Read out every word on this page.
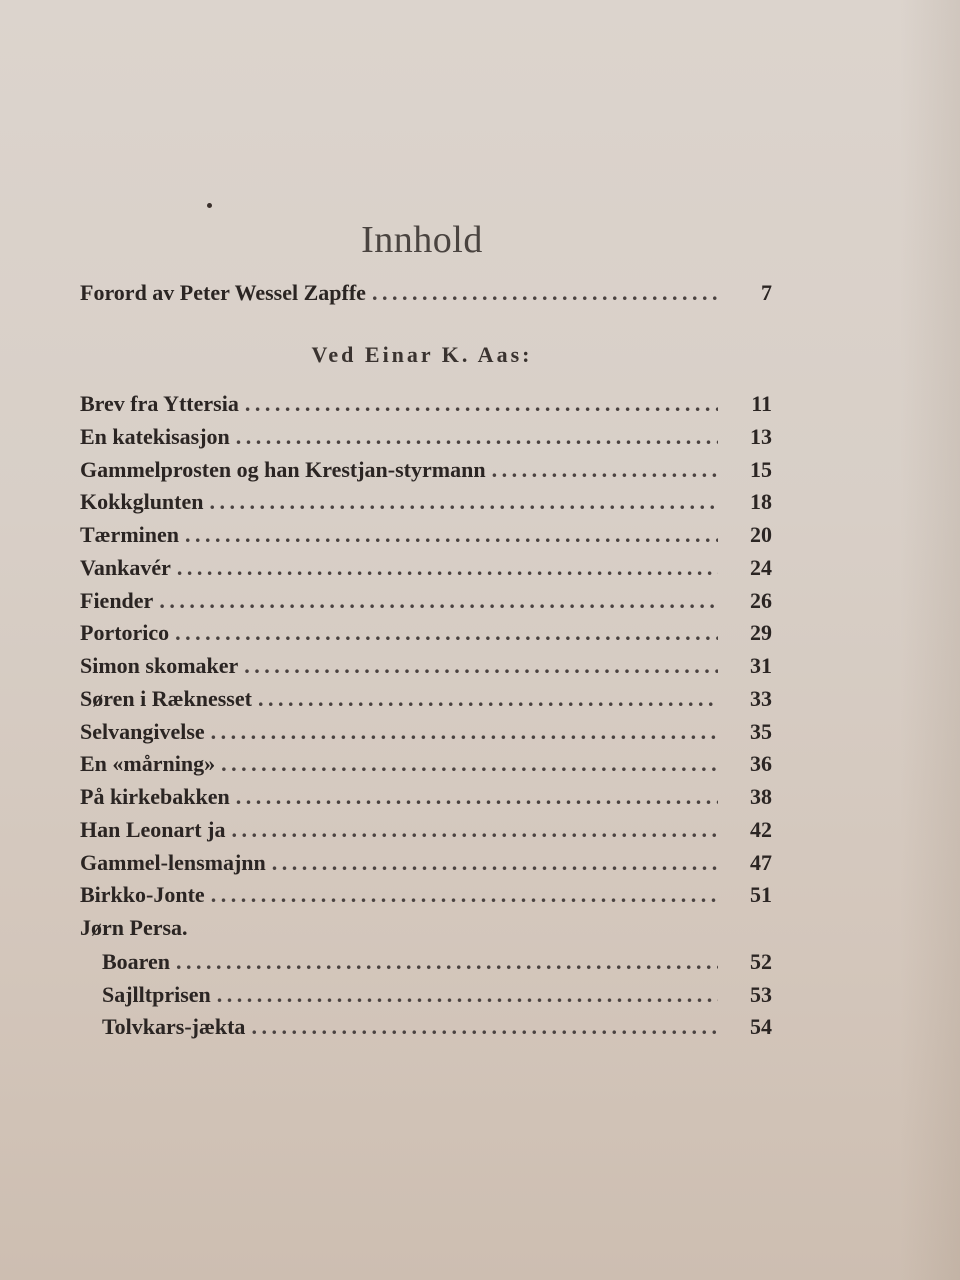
Innhold
Forord av Peter Wessel Zapffe . . .	7
Ved Einar K. Aas:
Brev fra Yttersia . . .	11
En katekisasjon . . .	13
Gammelprosten og han Krestjan-styrmann . . .	15
Kokkglunten . . .	18
Tærminen . . .	20
Vankavér . . .	24
Fiender . . .	26
Portorico . . .	29
Simon skomaker . . .	31
Søren i Ræknesset . . .	33
Selvangivelse . . .	35
En «mårning» . . .	36
På kirkebakken . . .	38
Han Leonart ja . . .	42
Gammel-lensmajnn . . .	47
Birkko-Jonte . . .	51
Jørn Persa.
Boaren . . .	52
Sajlltprisen . . .	53
Tolvkars-jækta . . .	54
